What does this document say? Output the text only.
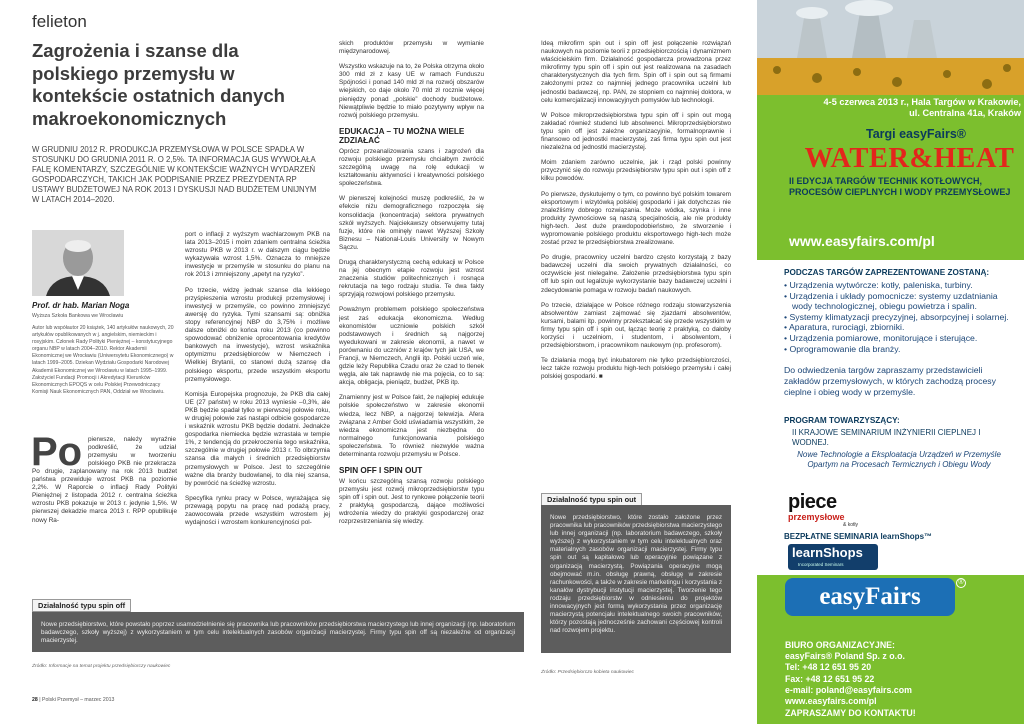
felieton
Zagrożenia i szanse dla polskiego przemysłu w kontekście ostatnich danych makroekonomicznych
W GRUDNIU 2012 R. PRODUKCJA PRZEMYSŁOWA W POLSCE SPADŁA W STOSUNKU DO GRUDNIA 2011 R. O 2,5%. TA INFORMACJA GUS WYWOŁAŁA FALĘ KOMENTARZY, SZCZEGÓLNIE W KONTEKŚCIE WAŻNYCH WYDARZEŃ GOSPODARCZYCH, TAKICH JAK PODPISANIE PRZEZ PREZYDENTA RP USTAWY BUDŻETOWEJ NA ROK 2013 I DYSKUSJI NAD BUDŻETEM UNIJNYM W LATACH 2014–2020.
Prof. dr hab. Marian Noga
Wyższa Szkoła Bankowa we Wrocławiu
Autor lub współautor 20 książek, 140 artykułów naukowych, 20 artykułów opublikowanych w j. angielskim, niemieckim i rosyjskim. Członek Rady Polityki Pieniężnej – konstytucyjnego organu NBP w latach 2004–2010. Rektor Akademii Ekonomicznej we Wrocławiu (Uniwersytetu Ekonomicznego) w latach 1999–2005. Dziekan Wydziału Gospodarki Narodowej Akademii Ekonomicznej we Wrocławiu w latach 1995–1999. Założyciel Fundacji Promocji i Akredytacji Kierunków Ekonomicznych EPOQS w celu Polskiej Przewodniczący Komisji Nauk Ekonomicznych PAN, Oddział we Wrocławiu.
Po pierwsze, należy wyraźnie podkreślić, że udział przemysłu w tworzeniu polskiego PKB nie przekracza

Po drugie, zaplanowany na rok 2013 budżet państwa przewiduje wzrost PKB na poziomie 2,2%. W Raporcie o inflacji Rady Polityki Pieniężnej z listopada 2012 r. centralna ścieżka wzrostu PKB pokazuje w 2013 r. jedynie 1,5%. W pierwszej dekadzie marca 2013 r. RPP opublikuje nowy Ra-

port o inflacji z wyższym wachlarzowym PKB na lata 2013–2015 i moim zdaniem centralna ścieżka wzrostu PKB w 2013 r. w dalszym ciągu będzie wykazywała wzrost 1,5%. Oznacza to mniejsze inwestycje w przemyśle w stosunku do planu na rok 2013 i zmniejszony „apetyt na ryzyko”.

Po trzecie, widzę jednak szanse dla lekkiego przyśpieszenia wzrostu produkcji przemysłowej i inwestycji w przemyśle, co powinno zmniejszyć awersję do ryzyka. Tymi szansami są: obniżka stopy referencyjnej NBP do 3,75% i możliwe dalsze obniżki do końca roku 2013 (co powinno spowodować obniżenie oprocentowania kredytów bankowych na inwestycje), wzrost wskaźnika optymizmu przedsiębiorców w Niemczech i Wielkiej Brytanii, co stanowi dużą szansę dla polskiego eksportu, przede wszystkim eksportu przemysłowego.

Komisja Europejska prognozuje, że PKB dla całej UE (27 państw) w roku 2013 wyniesie –0,3%, ale PKB będzie spadał tylko w pierwszej połowie roku, w drugiej połowie zaś nastąpi odbicie gospodarcze i wskaźnik wzrostu PKB będzie dodatni. Jednakże gospodarka niemiecka będzie wzrastała w tempie 1%, z tendencją do przekroczenia tego wskaźnika, szczególnie w drugiej połowie 2013 r. To olbrzymia szansa dla małych i średnich przedsiębiorstw przemysłowych w Polsce. Jest to szczególnie ważne dla branży budowlanej, to dla niej szansa, by powrócić na ścieżkę wzrostu.

Specyfika rynku pracy w Polsce, wyrażająca się przewagą popytu na pracę nad podażą pracy, zaowocowała przede wszystkim wzrostem jej wydajności i wzrostem konkurencyjności pol-

skich produktów przemysłu w wymianie międzynarodowej.

Wszystko wskazuje na to, że Polska otrzyma około 300 mld zł z kasy UE w ramach Funduszu Spójności i ponad 140 mld zł na rozwój obszarów wiejskich, co daje około 70 mld zł rocznie więcej pieniędzy ponad „polskie” dochody budżetowe. Niewątpliwie będzie to miało pozytywny wpływ na rozwój polskiego przemysłu.

EDUKACJA – TU MOŻNA WIELE ZDZIAŁAĆ

Oprócz przeanalizowania szans i zagrożeń dla rozwoju polskiego przemysłu chciałbym zwrócić szczególną uwagę na rolę edukacji w kształtowaniu aktywności i kreatywności polskiego społeczeństwa.

W pierwszej kolejności muszę podkreślić, że w efekcie niżu demograficznego rozpoczęła się konsolidacja (koncentracja) sektora prywatnych szkół wyższych. Najciekawszy obserwujemy tutaj fuzje, które nie ominęły nawet Wyższej Szkoły Biznesu – National-Louis University w Nowym Sączu.

Drugą charakterystyczną cechą edukacji w Polsce na jej obecnym etapie rozwoju jest wzrost znaczenia studiów politechnicznych i rosnąca rekrutacja na tego rodzaju studia. Te dwa fakty sprzyjają rozwojowi polskiego przemysłu.

Poważnym problemem polskiego społeczeństwa jest zaś edukacja ekonomiczna. Według ekonomistów uczniowie polskich szkół podstawowych i średnich są najgorzej wyedukowani w zakresie ekonomii, a nawet w porównaniu do uczniów z krajów tych jak USA, we Francji, w Niemczech, Anglii itp. Polski uczeń wie, gdzie leży Republika Czadu oraz że czad to tlenek węgla, ale tak naprawdę nie ma pojęcia, co to są: akcja, obligacja, pieniądz, budżet, PKB itp.

Znamienny jest w Polsce fakt, że najlepiej edukuje polskie społeczeństwo w zakresie ekonomii wiedza, lecz NBP, a najgorzej telewizja. Afera związana z Amber Gold uświadamia wszystkim, że wiedza ekonomiczna jest niezbędna do normalnego funkcjonowania polskiego społeczeństwa. To również niezwykle ważna determinanta rozwoju przemysłu w Polsce.

SPIN OFF I SPIN OUT

W końcu szczególną szansą rozwoju polskiego przemysłu jest rozwój mikroprzedsiębiorstw typu spin off i spin out. Jest to rynkowe połączenie teorii z praktyką gospodarczą, dające możliwości wdrożenia wiedzy do praktyki gospodarczej oraz rozprzestrzeniania się wiedzy.

Ideą mikrofirm spin out i spin off jest połączenie rozwiązań naukowych na poziomie teorii z przedsiębiorczością i dynamizmem właścicielskim firm. Działalność gospodarcza prowadzona przez mikrofirmy typu spin off i spin out jest realizowana na zasadach charakterystycznych dla tych firm. Spin off i spin out są firmami założonymi przez co najmniej jednego pracownika uczelni lub jednostki badawczej, np. PAN, ze stopniem co najmniej doktora, w celu komercjalizacji innowacyjnych pomysłów lub technologii.

W Polsce mikroprzedsiębiorstwa typu spin off i spin out mogą zakładać również studenci lub absolwenci. Mikroprzedsiębiorstwo typu spin off jest zależne organizacyjnie, formalnoprawnie i finansowo od jednostki macierzystej, zaś firma typu spin out jest niezależna od jednostki macierzystej.

Moim zdaniem zarówno uczelnie, jak i rząd polski powinny przyczynić się do rozwoju przedsiębiorstw typu spin out i spin off z kilku powodów.

Po pierwsze, dyskutujemy o tym, co powinno być polskim towarem eksportowym i wizytówką polskiej gospodarki i jak dotychczas nie znaleźliśmy dobrego rozwiązania. Może wódka, szynka i inne produkty żywnościowe są naszą specjalnością, ale nie produkty high-tech. Jest duże prawdopodobieństwo, że stworzenie i wypromowanie polskiego produktu eksportowego high-tech może zostać przez te przedsiębiorstwa zrealizowane.

Po drugie, pracownicy uczelni bardzo często korzystają z bazy badawczej uczelni dla swoich prywatnych działalności, co oczywiście jest nielegalne. Założenie przedsiębiorstwa typu spin off lub spin out legalizuje wykorzystanie bazy badawczej uczelni i zdecydowanie pomaga w rozwoju badań naukowych.

Po trzecie, działające w Polsce różnego rodzaju stowarzyszenia absolwentów zamiast zajmować się zjazdami absolwentów, kursami, balami itp. powinny przekształcać się przede wszystkim w firmy typu spin off i spin out, łącząc teorię z praktyką, co dałoby korzyści i uczelniom, i studentom, i absolwentom, i przedsiębiorstwom, i pracownikom naukowym (np. profesorom).

Te działania mogą być inkubatorem nie tylko przedsiębiorczości, lecz także rozwoju produktu high-tech polskiego przemysłu i całej polskiej gospodarki. ■

Działalność typu spin off
Nowe przedsiębiorstwo, które powstało poprzez usamodzielnienie się pracownika lub pracowników przedsiębiorstwa macierzystego lub innej organizacji (np. laboratorium badawczego, szkoły wyższej) z wykorzystaniem w tym celu intelektualnych zasobów organizacji macierzystej. Firmy typu spin off są niezależne od organizacji macierzystej.
Źródło: Informacje na temat projektu przedsiębiorczy naukowiec
Działalność typu spin out
Nowe przedsiębiorstwo, które zostało założone przez pracownika lub pracowników przedsiębiorstwa macierzystego lub innej organizacji (np. laboratorium badawczego, szkoły wyższej) z wykorzystaniem w tym celu intelektualnych oraz materialnych zasobów organizacji macierzystej. Firmy typu spin out są kapitałowo lub operacyjnie powiązane z organizacją macierzystą. Powiązania operacyjne mogą obejmować m.in. obsługę prawną, obsługę w zakresie rachunkowości, a także w zakresie marketingu i korzystania z kanałów dystrybucji instytucji macierzystej. Tworzenie tego rodzaju przedsiębiorstw w odniesieniu do projektów innowacyjnych jest formą wykorzystania przez organizację macierzystą potencjału intelektualnego swoich pracowników, którzy pozostają jednocześnie zachowani częściowej kontroli nad rozwojem projektu.
Źródło: Przedsiębiorczo kobieta naukowiec
28 | Polski Przemysł – marzec 2013
4-5 czerwca 2013 r., Hala Targów w Krakowie, ul. Centralna 41a, Kraków
Targi easyFairs®
WATER&HEAT
II EDYCJA TARGÓW TECHNIK KOTŁOWYCH, PROCESÓW CIEPLNYCH I WODY PRZEMYSŁOWEJ
www.easyfairs.com/pl
PODCZAS TARGÓW ZAPREZENTOWANE ZOSTANĄ:
• Urządzenia wytwórcze: kotły, paleniska, turbiny.
• Urządzenia i układy pomocnicze: systemy uzdatniania wody technologicznej, obiegu powietrza i spalin.
• Systemy klimatyzacji precyzyjnej, absorpcyjnej i solarnej.
• Aparatura, rurociągi, zbiorniki.
• Urządzenia pomiarowe, monitorujące i sterujące.
• Oprogramowanie dla branży.
Do odwiedzenia targów zapraszamy przedstawicieli zakładów przemysłowych, w których zachodzą procesy cieplne i obieg wody w przemyśle.
PROGRAM TOWARZYSZĄCY:
II KRAJOWE SEMINARIUM INŻYNIERII CIEPLNEJ I WODNEJ.
Nowe Technologie a Eksploatacja Urządzeń w Przemyśle Opartym na Procesach Termicznych i Obiegu Wody
piece
przemysłowe
& kotły
BEZPŁATNE SEMINARIA learnShops™
learnShops
Incorporated Seminars
easyFairs
®
BIURO ORGANIZACYJNE:
easyFairs® Poland Sp. z o.o.
Tel: +48 12 651 95 20
Fax: +48 12 651 95 22
e-mail: poland@easyfairs.com
www.easyfairs.com/pl
ZAPRASZAMY DO KONTAKTU!
